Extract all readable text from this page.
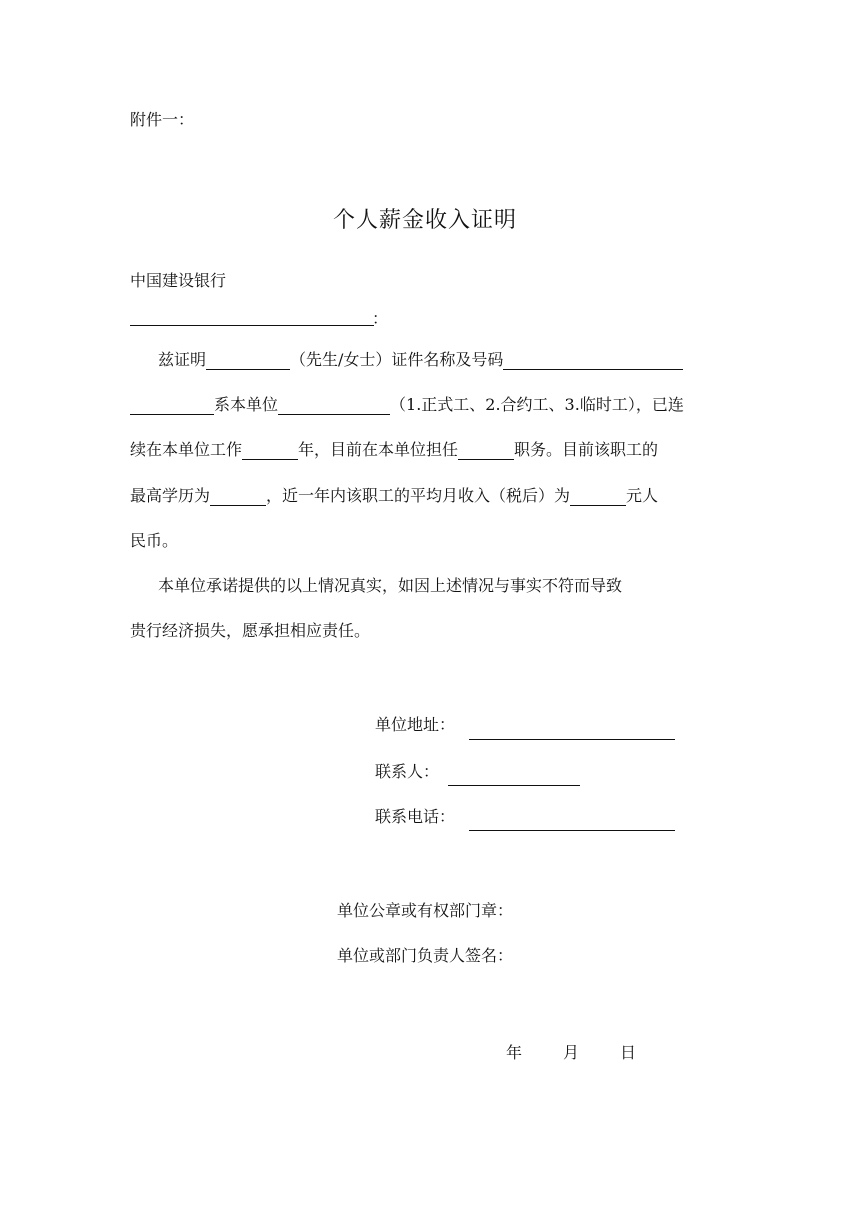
附件一：
个人薪金收入证明
中国建设银行
：
兹证明	（先生/女士）证件名称及号码
系本单位	（1.正式工、2.合约工、3.临时工），已连
续在本单位工作	年，目前在本单位担任	职务。目前该职工的
最高学历为	，近一年内该职工的平均月收入（税后）为	元人
民币。
本单位承诺提供的以上情况真实，如因上述情况与事实不符而导致
贵行经济损失，愿承担相应责任。
单位地址：
联系人：
联系电话：
单位公章或有权部门章：
单位或部门负责人签名：
年	月	日
